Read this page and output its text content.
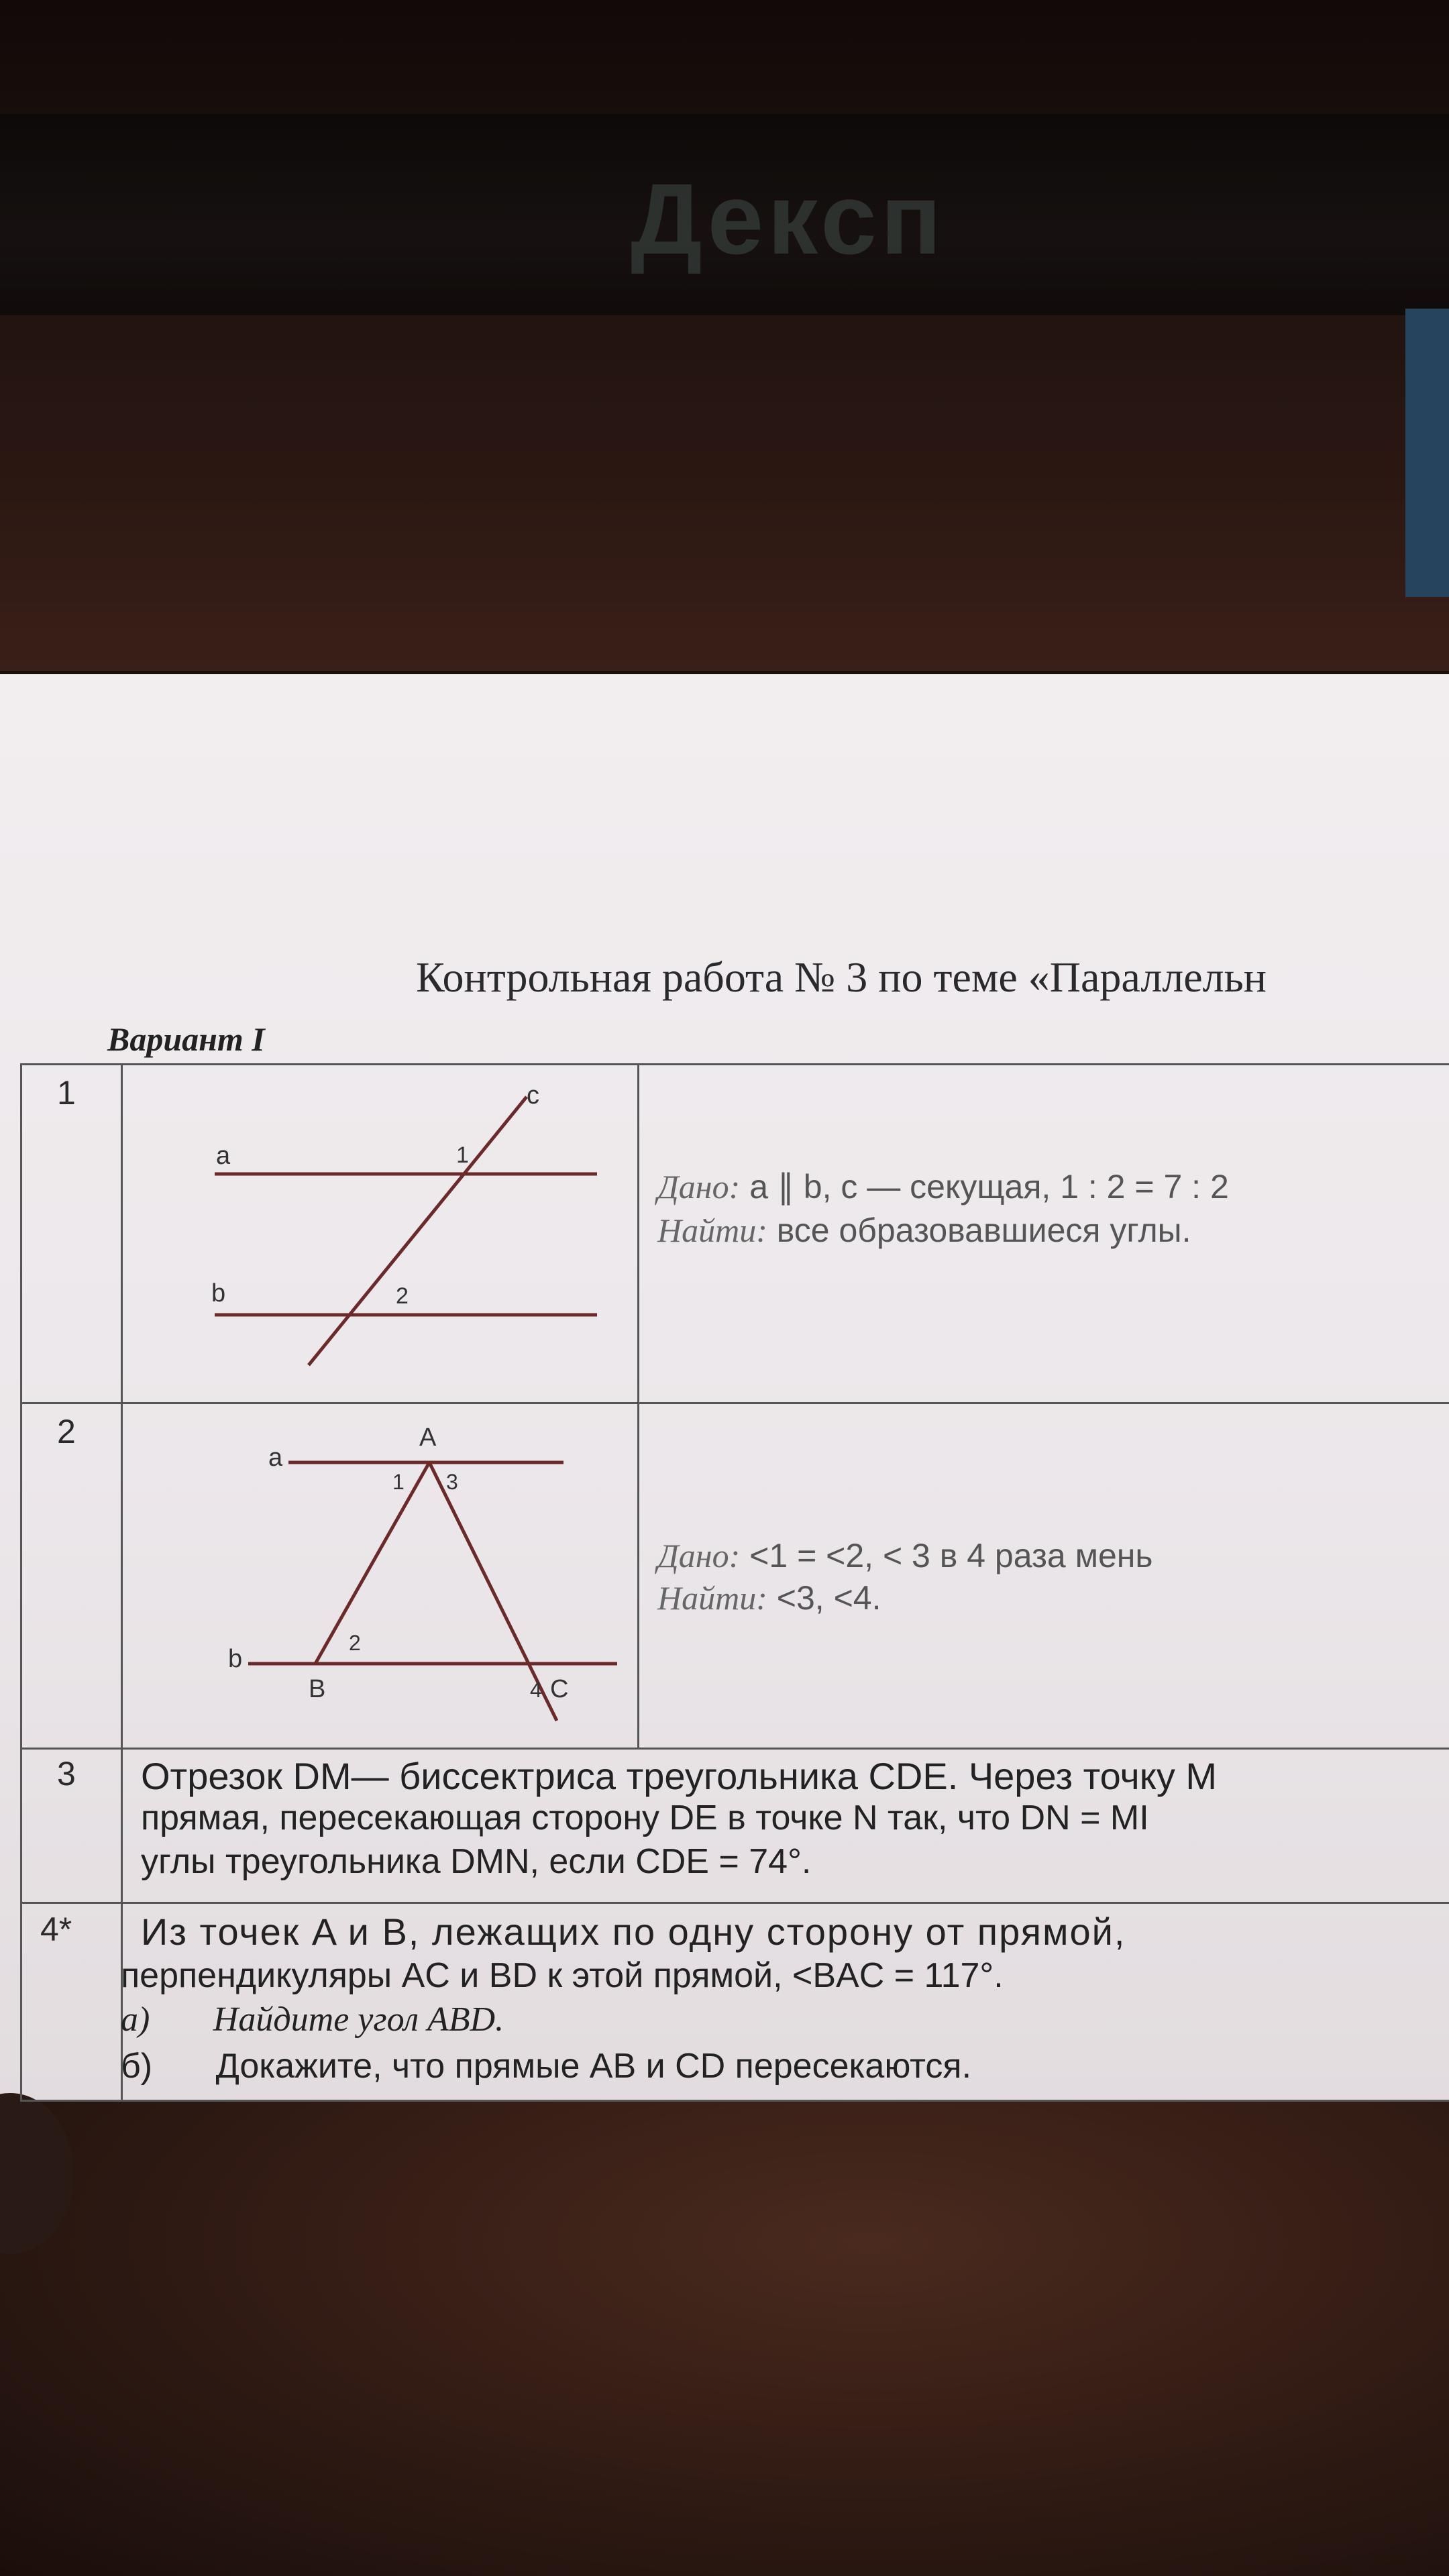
Дексп
Контрольная работа № 3 по теме «Параллельн
Вариант I
1
a
b
c
1
2
Дано: a ∥ b, c — секущая, 1 : 2 = 7 : 2
Найти: все образовавшиеся углы.
2
a
b
A
B	C
1 3
2
4
Дано: <1 = <2, < 3 в 4 раза мень
Найти: <3, <4.
3 Отрезок DM— биссектриса треугольника CDE. Через точку M
прямая, пересекающая сторону DE в точке N так, что DN = MI
углы треугольника DMN, если CDE = 74°.
4* Из точек A и B, лежащих по одну сторону от прямой,
перпендикуляры AC и BD к этой прямой, <BAC = 117°.
а) Найдите угол ABD.
б) Докажите, что прямые AB и CD пересекаются.
